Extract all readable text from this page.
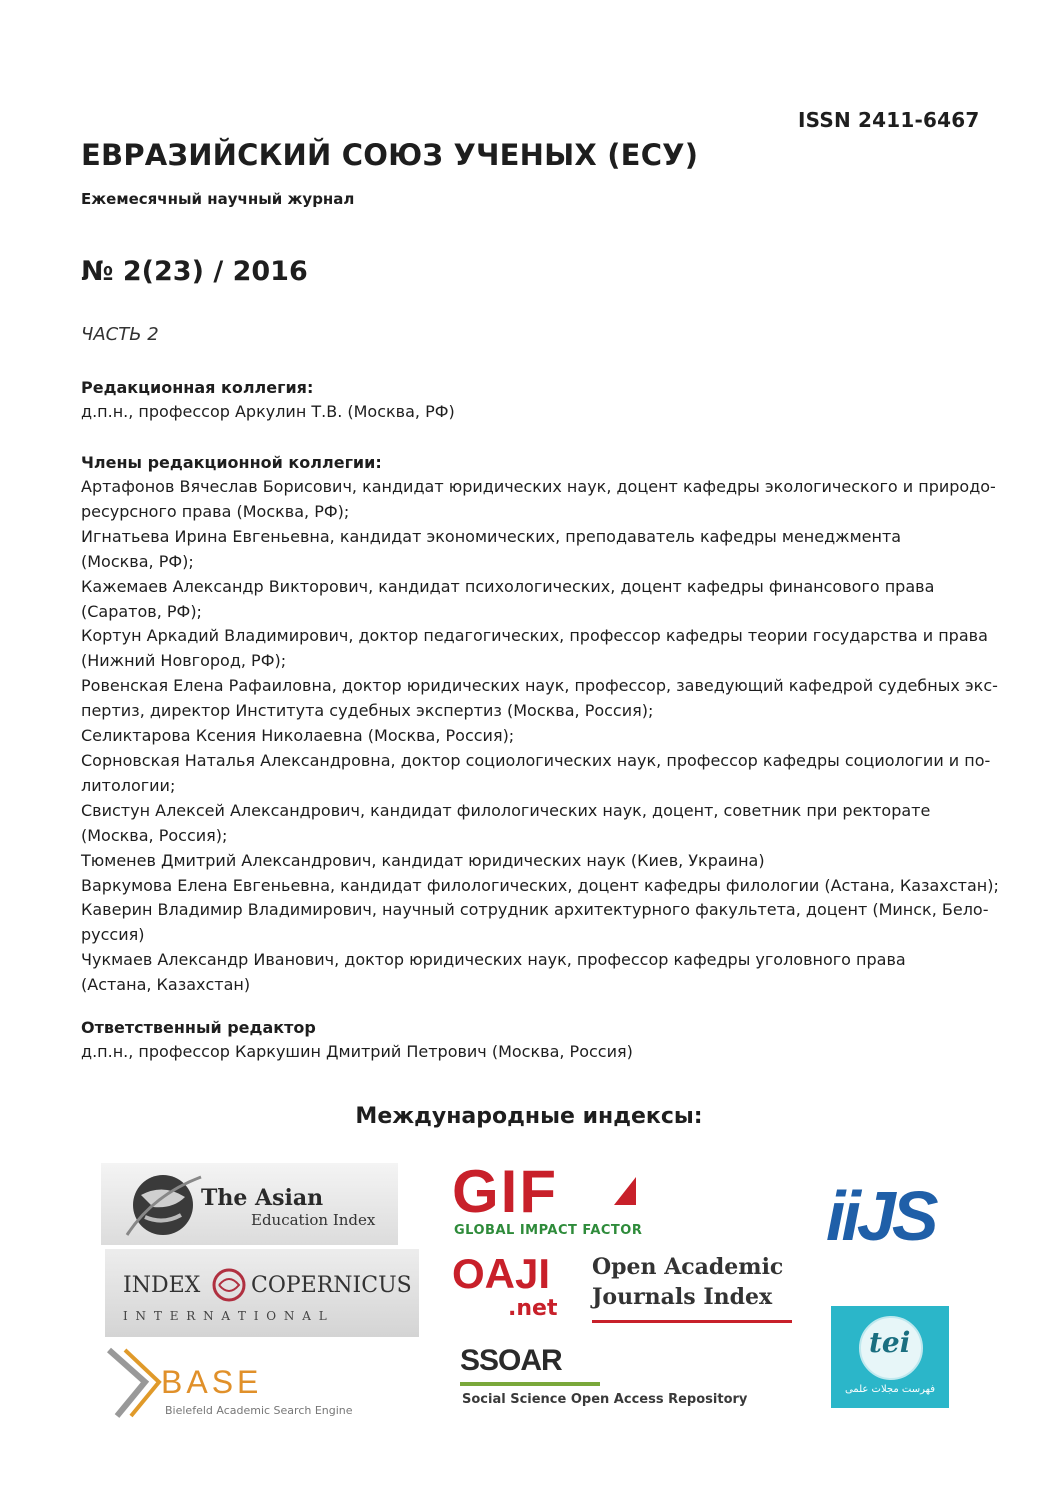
ISSN 2411-6467
ЕВРАЗИЙСКИЙ СОЮЗ УЧЕНЫХ (ЕСУ)
Ежемесячный научный журнал
№ 2(23) / 2016
ЧАСТЬ 2
Редакционная коллегия:
д.п.н., профессор Аркулин Т.В. (Москва, РФ)
Члены редакционной коллегии:
Артафонов Вячеслав Борисович, кандидат юридических наук, доцент кафедры экологического и природо-
ресурсного права (Москва, РФ);
Игнатьева Ирина Евгеньевна, кандидат экономических, преподаватель кафедры менеджмента
(Москва, РФ);
Кажемаев Александр Викторович, кандидат психологических, доцент кафедры финансового права
(Саратов, РФ);
Кортун Аркадий Владимирович, доктор педагогических, профессор кафедры теории государства и права
(Нижний Новгород, РФ);
Ровенская Елена Рафаиловна, доктор юридических наук, профессор, заведующий кафедрой судебных экс-
пертиз, директор Института судебных экспертиз (Москва, Россия);
Селиктарова Ксения Николаевна (Москва, Россия);
Сорновская Наталья Александровна, доктор социологических наук, профессор кафедры социологии и по-
литологии;
Свистун Алексей Александрович, кандидат филологических наук, доцент, советник при ректорате
(Москва, Россия);
Тюменев Дмитрий Александрович, кандидат юридических наук (Киев, Украина)
Варкумова Елена Евгеньевна, кандидат филологических, доцент кафедры филологии (Астана, Казахстан);
Каверин Владимир Владимирович, научный сотрудник архитектурного факультета, доцент (Минск, Бело-
руссия)
Чукмаев Александр Иванович, доктор юридических наук, профессор кафедры уголовного права
(Астана, Казахстан)
Ответственный редактор
д.п.н., профессор Каркушин Дмитрий Петрович (Москва, Россия)
Международные индексы:
The Asian
Education Index GIF
GLOBAL IMPACT FACTOR	iiJS
INDEX COPERNICUS
I N T E R N A T I O N A L
OAJI
.net
Open Academic
Journals Index
BASE
Bielefeld Academic Search Engine
SSOAR
Social Science Open Access Repository
tei
فهرست مجلات علمی
